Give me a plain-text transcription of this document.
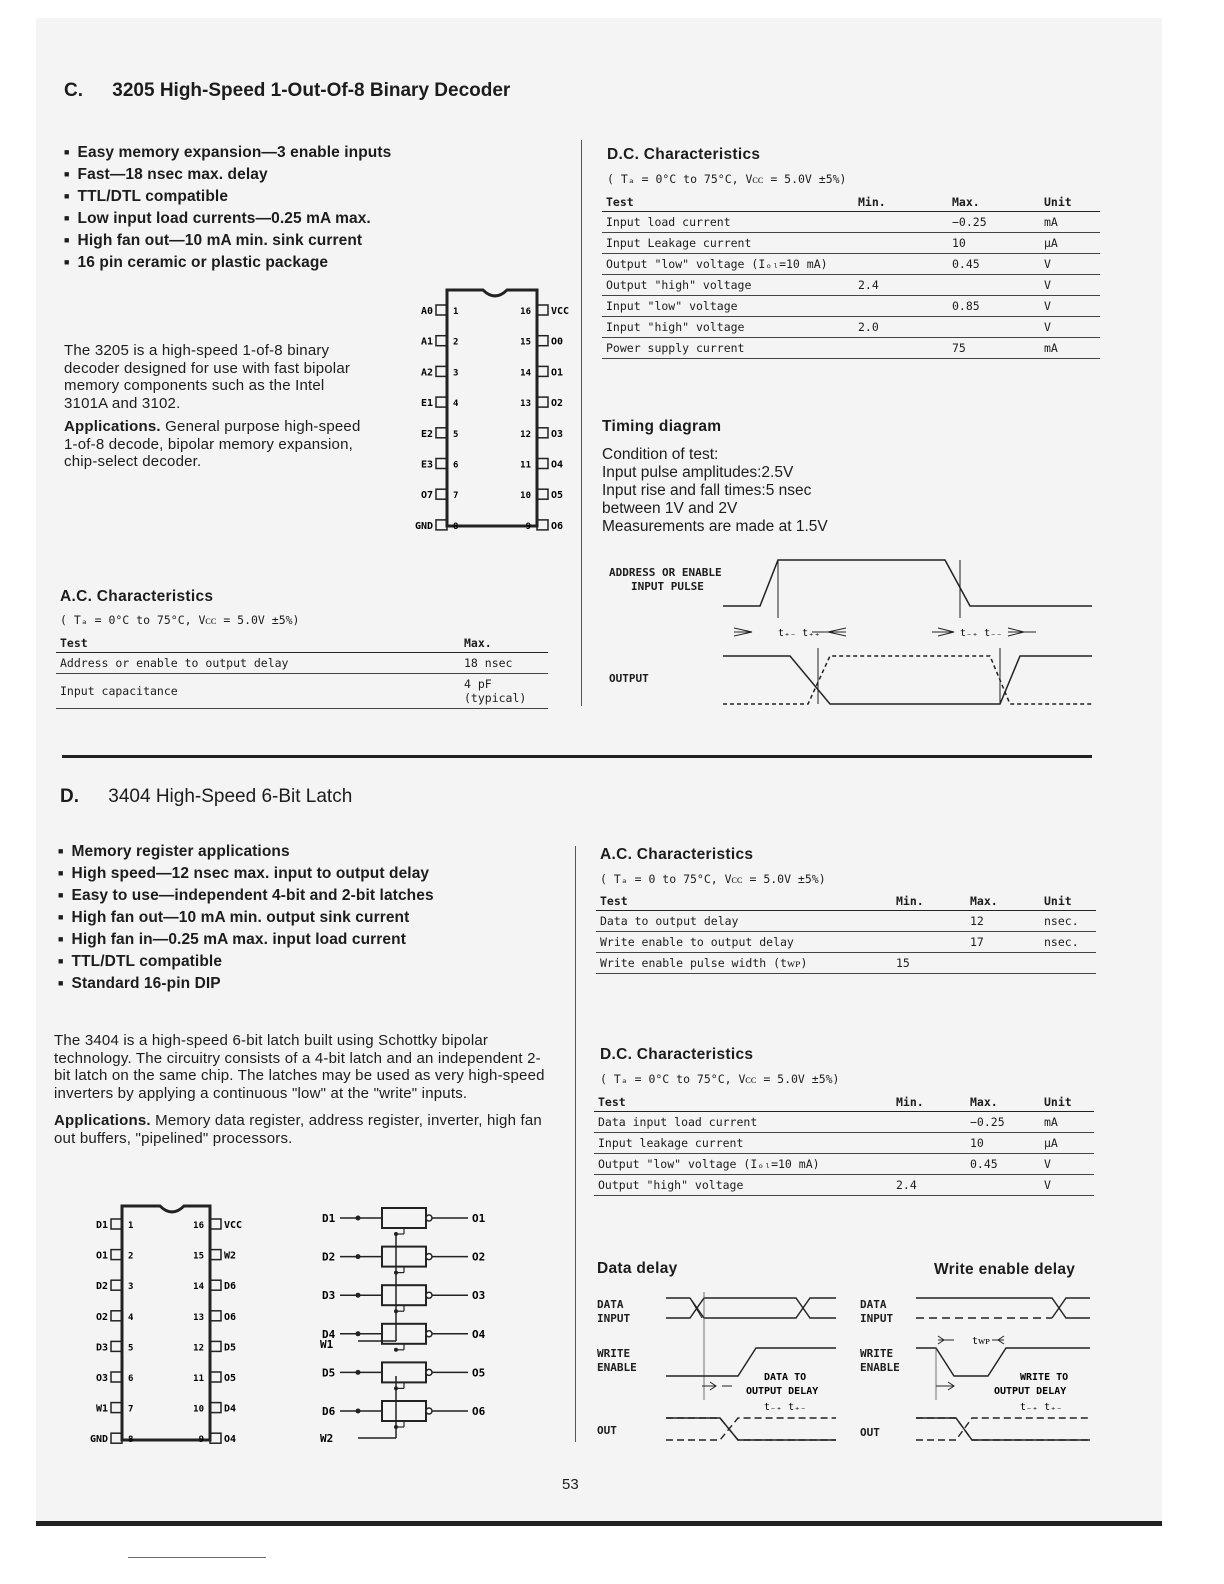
C. 3205 High-Speed 1-Out-Of-8 Binary Decoder
■ Easy memory expansion—3 enable inputs
■ Fast—18 nsec max. delay
■ TTL/DTL compatible
■ Low input load currents—0.25 mA max.
■ High fan out—10 mA min. sink current
■ 16 pin ceramic or plastic package
The 3205 is a high-speed 1-of-8 binary decoder designed for use with fast bipolar memory components such as the Intel 3101A and 3102.
Applications. General purpose high-speed 1-of-8 decode, bipolar memory expansion, chip-select decoder.
A0 1
A1 2
A2 3
E1 4
E2 5
E3 6
O7 7
GND 8
VCC
16
O0
15
O1
14
O2
13
O3
12
O4
11
O5
10
O6
9
A.C. Characteristics
( Tₐ = 0°C to 75°C, Vᴄᴄ = 5.0V ±5%)
Test	Max.
Address or enable to output delay	18 nsec
Input capacitance	4 pF (typical)
D.C. Characteristics
( Tₐ = 0°C to 75°C, Vᴄᴄ = 5.0V ±5%)
Test	Min.	Max.	Unit
Input load current		−0.25	mA
Input Leakage current		10	μA
Output "low" voltage (Iₒₗ=10 mA)		0.45	V
Output "high" voltage	2.4		V
Input "low" voltage		0.85	V
Input "high" voltage	2.0		V
Power supply current		75	mA
Timing diagram
Condition of test:
Input pulse amplitudes:2.5V
Input rise and fall times:5 nsec
between 1V and 2V
Measurements are made at 1.5V
ADDRESS OR ENABLE
INPUT PULSE
OUTPUT
t₊₋ t₊₊	t₋₊ t₋₋
D. 3404 High-Speed 6-Bit Latch
■ Memory register applications
■ High speed—12 nsec max. input to output delay
■ Easy to use—independent 4-bit and 2-bit latches
■ High fan out—10 mA min. output sink current
■ High fan in—0.25 mA max. input load current
■ TTL/DTL compatible
■ Standard 16-pin DIP
The 3404 is a high-speed 6-bit latch built using Schottky bipolar technology. The circuitry consists of a 4-bit latch and an independent 2-bit latch on the same chip. The latches may be used as very high-speed inverters by applying a continuous "low" at the "write" inputs.
Applications. Memory data register, address register, inverter, high fan out buffers, "pipelined" processors.
D1 1
O1 2
D2 3
O2 4
D3 5
O3 6
W1 7
GND 8
VCC
16
W2
15
D6
14
O6
13
D5
12
O5
11
D4
10
O4
9
D1	O1
D2	O2
D3	O3
D4	O4
D5	O5
D6	O6
W1
W2
A.C. Characteristics
( Tₐ = 0 to 75°C, Vᴄᴄ = 5.0V ±5%)
Test	Min.	Max.	Unit
Data to output delay		12	nsec.
Write enable to output delay		17	nsec.
Write enable pulse width (tᴡᴘ)	15		
D.C. Characteristics
( Tₐ = 0°C to 75°C, Vᴄᴄ = 5.0V ±5%)
Test	Min.	Max.	Unit
Data input load current		−0.25	mA
Input leakage current		10	μA
Output "low" voltage (Iₒₗ=10 mA)		0.45	V
Output "high" voltage	2.4		V
Data delay
DATA
INPUT
WRITE
ENABLE
OUT
DATA TO
OUTPUT DELAY
t₋₊ t₊₋
Write enable delay
DATA
INPUT
WRITE
ENABLE
OUT
tᴡᴘ
WRITE TO
OUTPUT DELAY
t₋₊ t₊₋
53
